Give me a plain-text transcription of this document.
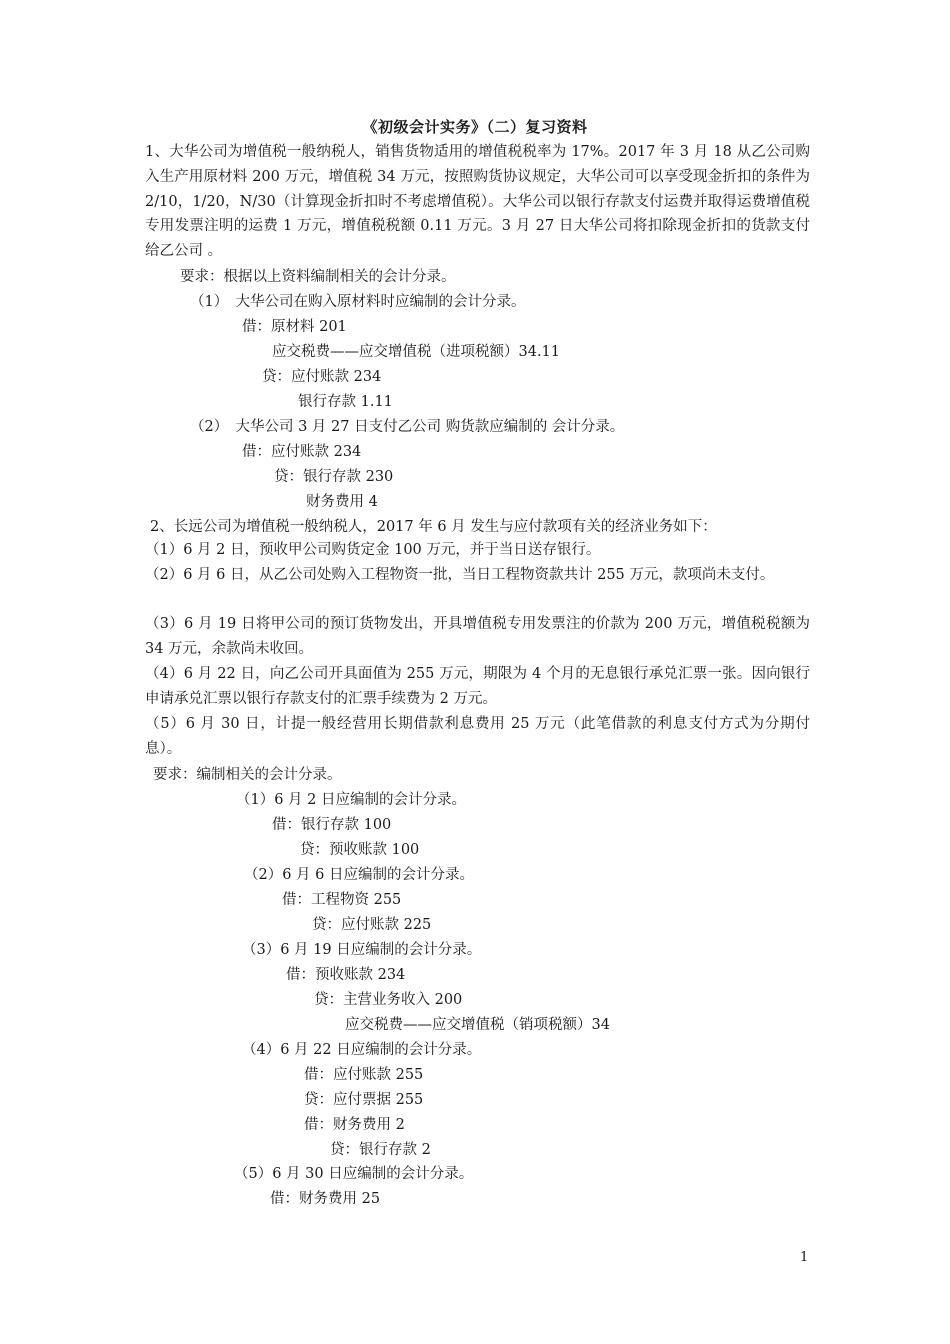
《初级会计实务》（二）复习资料
1、大华公司为增值税一般纳税人，销售货物适用的增值税税率为 17%。2017 年 3 月 18 从乙公司购入生产用原材料 200 万元，增值税 34 万元，按照购货协议规定，大华公司可以享受现金折扣的条件为 2/10，1/20，N/30（计算现金折扣时不考虑增值税）。大华公司以银行存款支付运费并取得运费增值税专用发票注明的运费 1 万元，增值税税额 0.11 万元。3 月 27 日大华公司将扣除现金折扣的货款支付给乙公司 。
要求：根据以上资料编制相关的会计分录。
（1）　大华公司在购入原材料时应编制的会计分录。
借：原材料 201
应交税费——应交增值税（进项税额）34.11
贷：应付账款 234
银行存款 1.11
（2）　大华公司 3 月 27 日支付乙公司 购货款应编制的 会计分录。
借：应付账款 234
贷：银行存款 230
财务费用 4
2、长远公司为增值税一般纳税人，2017 年 6 月 发生与应付款项有关的经济业务如下：
（1）6 月 2 日，预收甲公司购货定金 100 万元，并于当日送存银行。
（2）6 月 6 日，从乙公司处购入工程物资一批，当日工程物资款共计 255 万元，款项尚未支付。
（3）6 月 19 日将甲公司的预订货物发出，开具增值税专用发票注的价款为 200 万元，增值税税额为 34 万元，余款尚未收回。
（4）6 月 22 日，向乙公司开具面值为 255 万元，期限为 4 个月的无息银行承兑汇票一张。因向银行申请承兑汇票以银行存款支付的汇票手续费为 2 万元。
（5）6 月 30 日，计提一般经营用长期借款利息费用 25 万元（此笔借款的利息支付方式为分期付息）。
要求：编制相关的会计分录。
（1）6 月 2 日应编制的会计分录。
借：银行存款 100
贷：预收账款 100
（2）6 月 6 日应编制的会计分录。
借：工程物资 255
贷：应付账款 225
（3）6 月 19 日应编制的会计分录。
借：预收账款 234
贷：主营业务收入 200
应交税费——应交增值税（销项税额）34
（4）6 月 22 日应编制的会计分录。
借：应付账款 255
贷：应付票据 255
借：财务费用 2
贷：银行存款 2
（5）6 月 30 日应编制的会计分录。
借：财务费用 25
1
